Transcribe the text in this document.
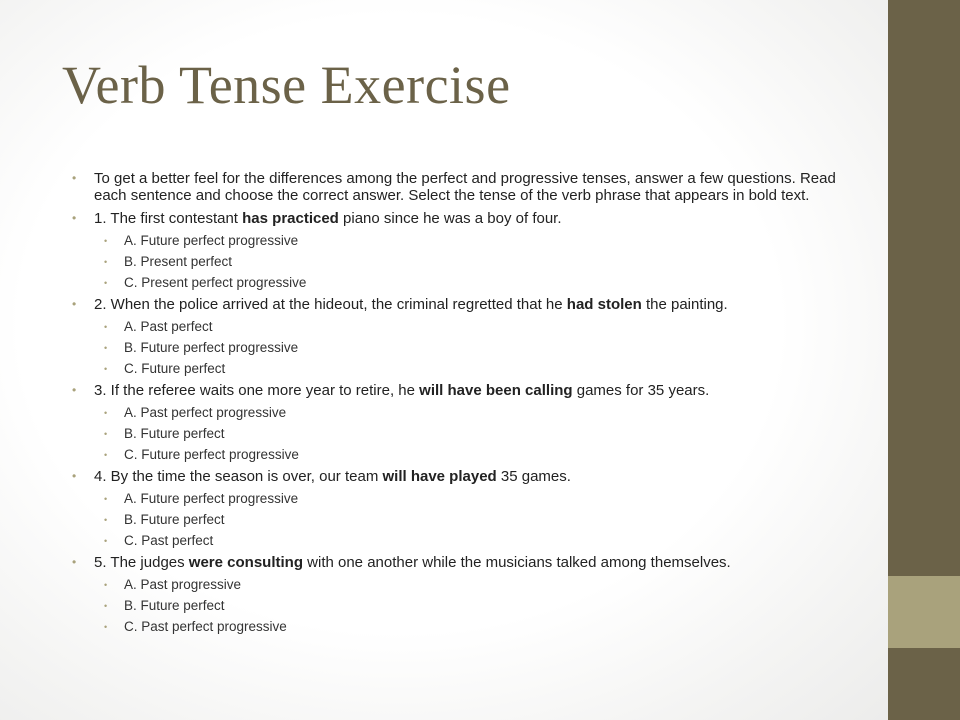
Verb Tense Exercise
• To get a better feel for the differences among the perfect and progressive tenses, answer a few questions. Read each sentence and choose the correct answer. Select the tense of the verb phrase that appears in bold text.
• 1. The first contestant has practiced piano since he was a boy of four.
• A. Future perfect progressive
• B. Present perfect
• C. Present perfect progressive
• 2. When the police arrived at the hideout, the criminal regretted that he had stolen the painting.
• A. Past perfect
• B. Future perfect progressive
• C. Future perfect
• 3. If the referee waits one more year to retire, he will have been calling games for 35 years.
• A. Past perfect progressive
• B. Future perfect
• C. Future perfect progressive
• 4. By the time the season is over, our team will have played 35 games.
• A. Future perfect progressive
• B. Future perfect
• C. Past perfect
• 5. The judges were consulting with one another while the musicians talked among themselves.
• A. Past progressive
• B. Future perfect
• C. Past perfect progressive
